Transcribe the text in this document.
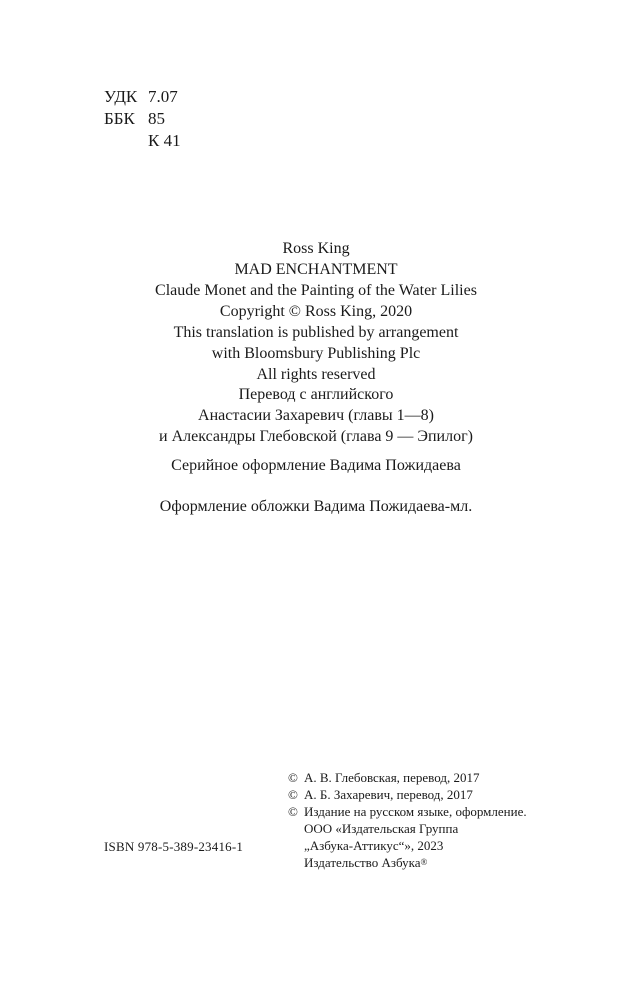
УДК 7.07
ББК 85
К 41
Ross King
MAD ENCHANTMENT
Claude Monet and the Painting of the Water Lilies
Copyright © Ross King, 2020
This translation is published by arrangement
with Bloomsbury Publishing Plc
All rights reserved
Перевод с английского
Анастасии Захаревич (главы 1—8)
и Александры Глебовской (глава 9 — Эпилог)
Серийное оформление Вадима Пожидаева
Оформление обложки Вадима Пожидаева-мл.
© А. В. Глебовская, перевод, 2017
© А. Б. Захаревич, перевод, 2017
© Издание на русском языке, оформление.
ООО «Издательская Группа
„Азбука-Аттикус“», 2023
Издательство Азбука®
ISBN 978-5-389-23416-1
